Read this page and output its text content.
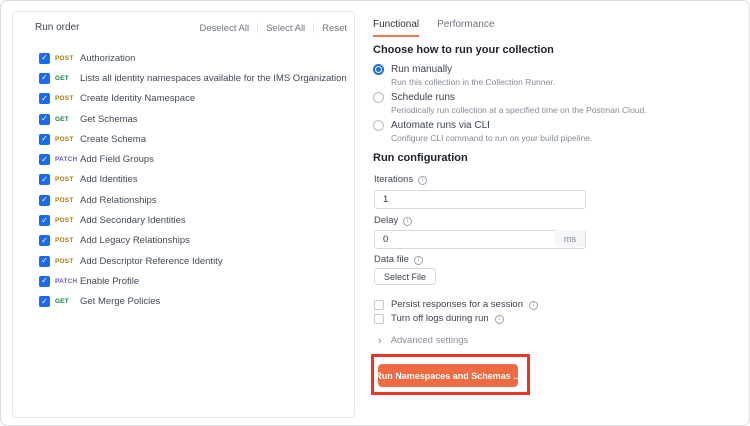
Run order	Deselect All Select All Reset
✓
POST Authorization
✓
GET	Lists all identity namespaces available for the IMS Organization
✓
POST Create Identity Namespace
✓
GET	Get Schemas
✓
POST Create Schema
✓
PATCH Add Field Groups
✓
POST Add Identities
✓
POST Add Relationships
✓
POST Add Secondary Identities
✓
POST Add Legacy Relationships
✓
POST Add Descriptor Reference Identity
✓
PATCH Enable Profile
✓
GET	Get Merge Policies
Functional Performance
Choose how to run your collection
Run manually
Run this collection in the Collection Runner.
Schedule runs
Periodically run collection at a specified time on the Postman Cloud.
Automate runs via CLI
Configure CLI command to run on your build pipeline.
Run configuration
Iterations
i
1
Delay
i
0
ms
Data file
i
Select File
Persist responses for a session
i
Turn off logs during run
i
› Advanced settings
Run Namespaces and Schemas ...
